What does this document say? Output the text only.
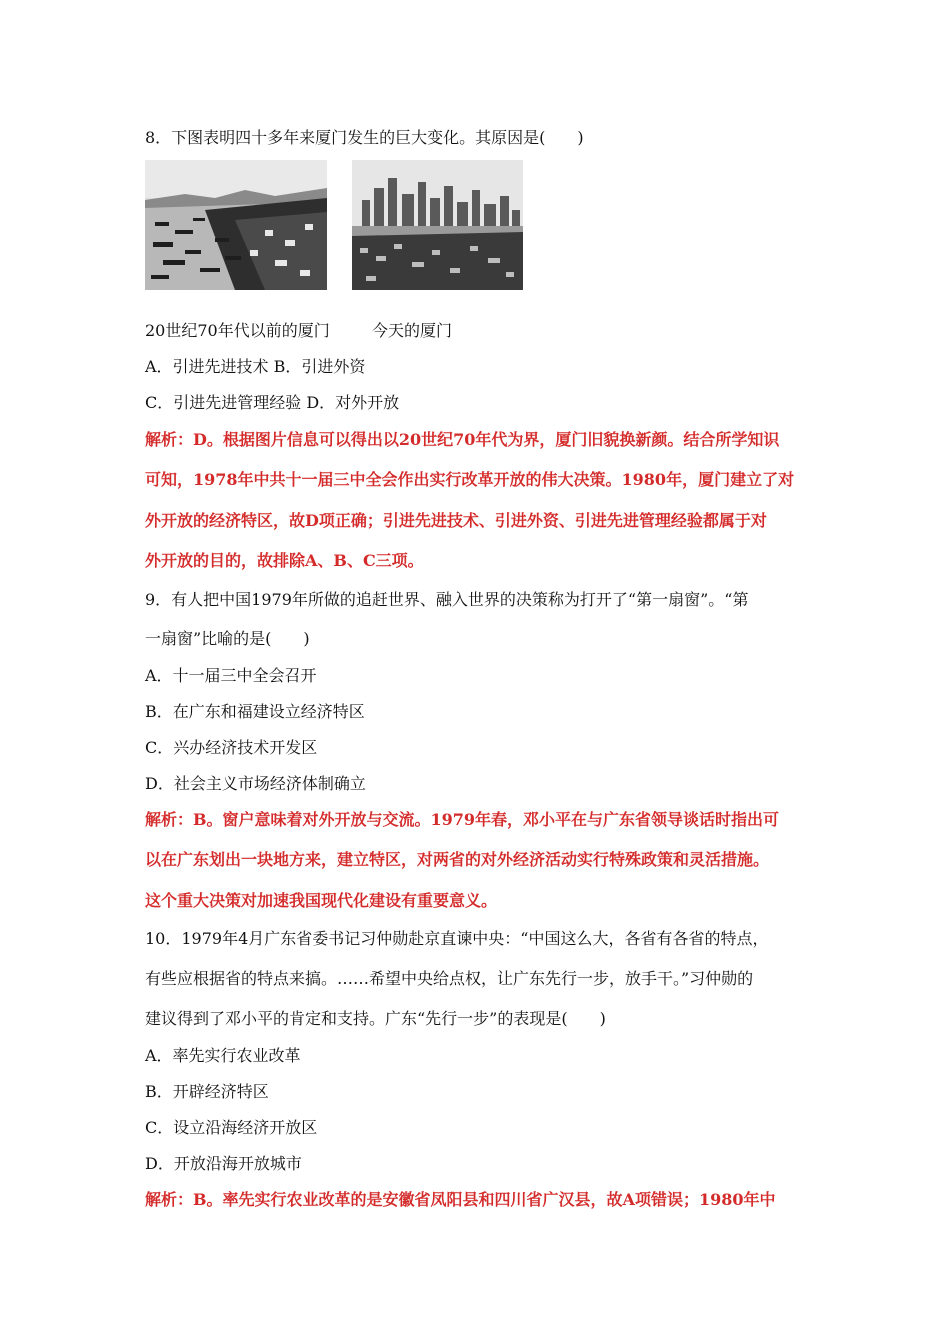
8．下图表明四十多年来厦门发生的巨大变化。其原因是(　　)
20世纪70年代以前的厦门	今天的厦门
A．引进先进技术 B．引进外资
C．引进先进管理经验 D．对外开放
解析：D。根据图片信息可以得出以20世纪70年代为界，厦门旧貌换新颜。结合所学知识
可知，1978年中共十一届三中全会作出实行改革开放的伟大决策。1980年，厦门建立了对
外开放的经济特区，故D项正确；引进先进技术、引进外资、引进先进管理经验都属于对
外开放的目的，故排除A、B、C三项。
9．有人把中国1979年所做的追赶世界、融入世界的决策称为打开了“第一扇窗”。“第
一扇窗”比喻的是(　　)
A．十一届三中全会召开
B．在广东和福建设立经济特区
C．兴办经济技术开发区
D．社会主义市场经济体制确立
解析：B。窗户意味着对外开放与交流。1979年春，邓小平在与广东省领导谈话时指出可
以在广东划出一块地方来，建立特区，对两省的对外经济活动实行特殊政策和灵活措施。
这个重大决策对加速我国现代化建设有重要意义。
10．1979年4月广东省委书记习仲勋赴京直谏中央：“中国这么大，各省有各省的特点，
有些应根据省的特点来搞。……希望中央给点权，让广东先行一步，放手干。”习仲勋的
建议得到了邓小平的肯定和支持。广东“先行一步”的表现是(　　)
A．率先实行农业改革
B．开辟经济特区
C．设立沿海经济开放区
D．开放沿海开放城市
解析：B。率先实行农业改革的是安徽省凤阳县和四川省广汉县，故A项错误；1980年中
